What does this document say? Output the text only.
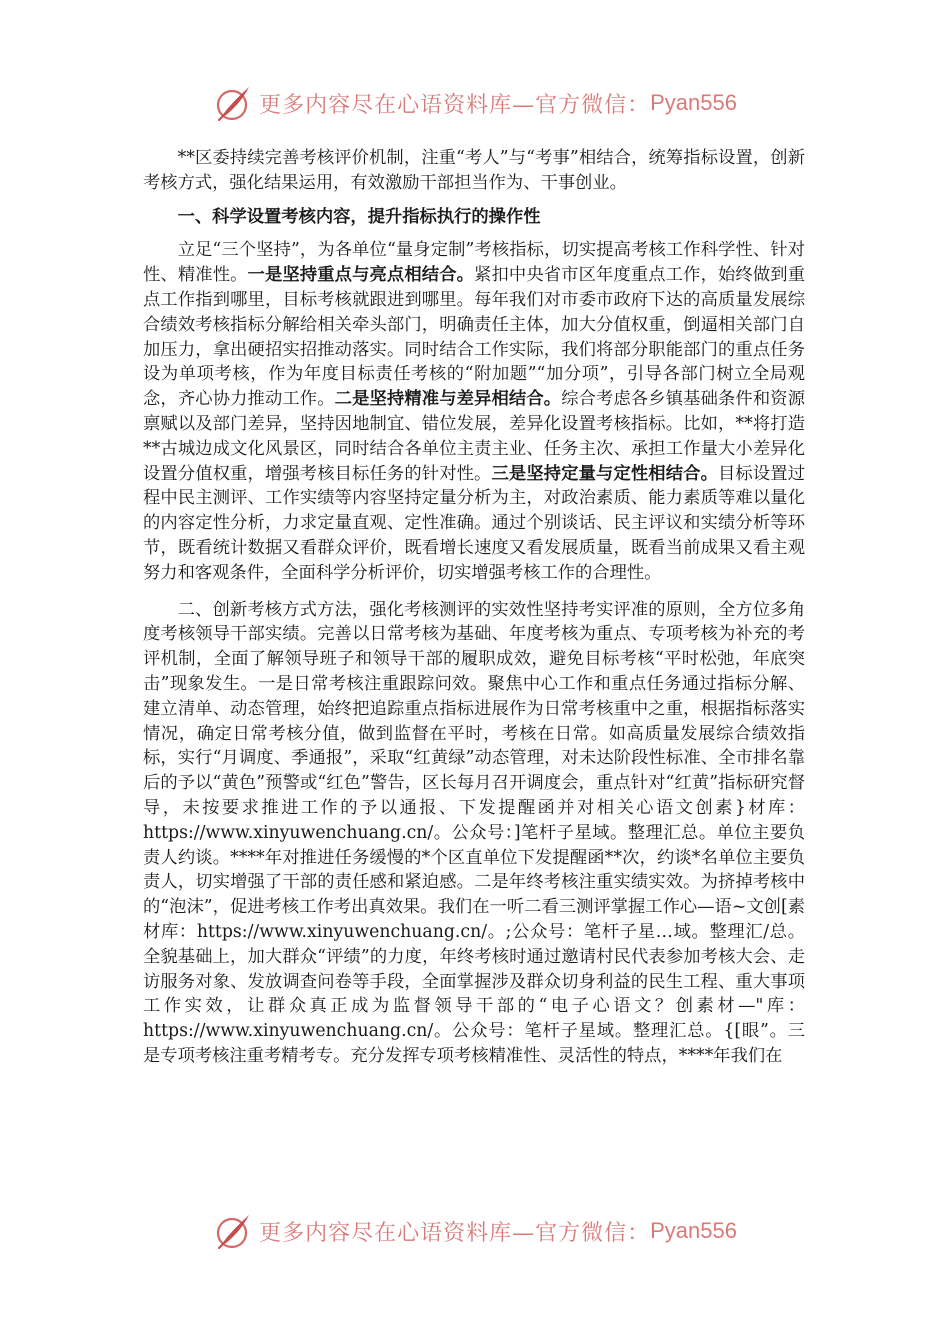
更多内容尽在心语资料库—官方微信： Pyan556

**区委持续完善考核评价机制，注重“考人”与“考事”相结合，统筹指标设置，创新考核方式，强化结果运用，有效激励干部担当作为、干事创业。

一、科学设置考核内容，提升指标执行的操作性

立足“三个坚持”，为各单位“量身定制”考核指标，切实提高考核工作科学性、针对性、精准性。一是坚持重点与亮点相结合。紧扣中央省市区年度重点工作，始终做到重点工作指到哪里，目标考核就跟进到哪里。每年我们对市委市政府下达的高质量发展综合绩效考核指标分解给相关牵头部门，明确责任主体，加大分值权重，倒逼相关部门自加压力，拿出硬招实招推动落实。同时结合工作实际，我们将部分职能部门的重点任务设为单项考核，作为年度目标责任考核的“附加题”“加分项”，引导各部门树立全局观念，齐心协力推动工作。二是坚持精准与差异相结合。综合考虑各乡镇基础条件和资源禀赋以及部门差异，坚持因地制宜、错位发展，差异化设置考核指标。比如，**将打造**古城边成文化风景区，同时结合各单位主责主业、任务主次、承担工作量大小差异化设置分值权重，增强考核目标任务的针对性。三是坚持定量与定性相结合。目标设置过程中民主测评、工作实绩等内容坚持定量分析为主，对政治素质、能力素质等难以量化的内容定性分析，力求定量直观、定性准确。通过个别谈话、民主评议和实绩分析等环节，既看统计数据又看群众评价，既看增长速度又看发展质量，既看当前成果又看主观努力和客观条件，全面科学分析评价，切实增强考核工作的合理性。

二、创新考核方式方法，强化考核测评的实效性坚持考实评准的原则，全方位多角度考核领导干部实绩。完善以日常考核为基础、年度考核为重点、专项考核为补充的考评机制，全面了解领导班子和领导干部的履职成效，避免目标考核“平时松弛，年底突击”现象发生。一是日常考核注重跟踪问效。聚焦中心工作和重点任务通过指标分解、建立清单、动态管理，始终把追踪重点指标进展作为日常考核重中之重，根据指标落实情况，确定日常考核分值，做到监督在平时，考核在日常。如高质量发展综合绩效指标，实行“月调度、季通报”，采取“红黄绿”动态管理，对未达阶段性标准、全市排名靠后的予以“黄色”预警或“红色”警告，区长每月召开调度会，重点针对“红黄”指标研究督导，未按要求推进工作的予以通报、下发提醒函并对相关心语文创素}材库：https://www.xinyuwenchuang.cn/。公众号：]笔杆子星域。整理汇总。单位主要负责人约谈。****年对推进任务缓慢的*个区直单位下发提醒函**次，约谈*名单位主要负责人，切实增强了干部的责任感和紧迫感。二是年终考核注重实绩实效。为挤掉考核中的“泡沫”，促进考核工作考出真效果。我们在一听二看三测评掌握工作心—语~文创[素材库：https://www.xinyuwenchuang.cn/。;公众号：笔杆子星…域。整理汇/总。全貌基础上，加大群众“评绩”的力度，年终考核时通过邀请村民代表参加考核大会、走访服务对象、发放调查问卷等手段，全面掌握涉及群众切身利益的民生工程、重大事项工作实效，让群众真正成为监督领导干部的“电子心语文？创素材—"库：https://www.xinyuwenchuang.cn/。公众号：笔杆子星域。整理汇总。{[眼”。三是专项考核注重考精考专。充分发挥专项考核精准性、灵活性的特点，****年我们在

更多内容尽在心语资料库—官方微信： Pyan556
